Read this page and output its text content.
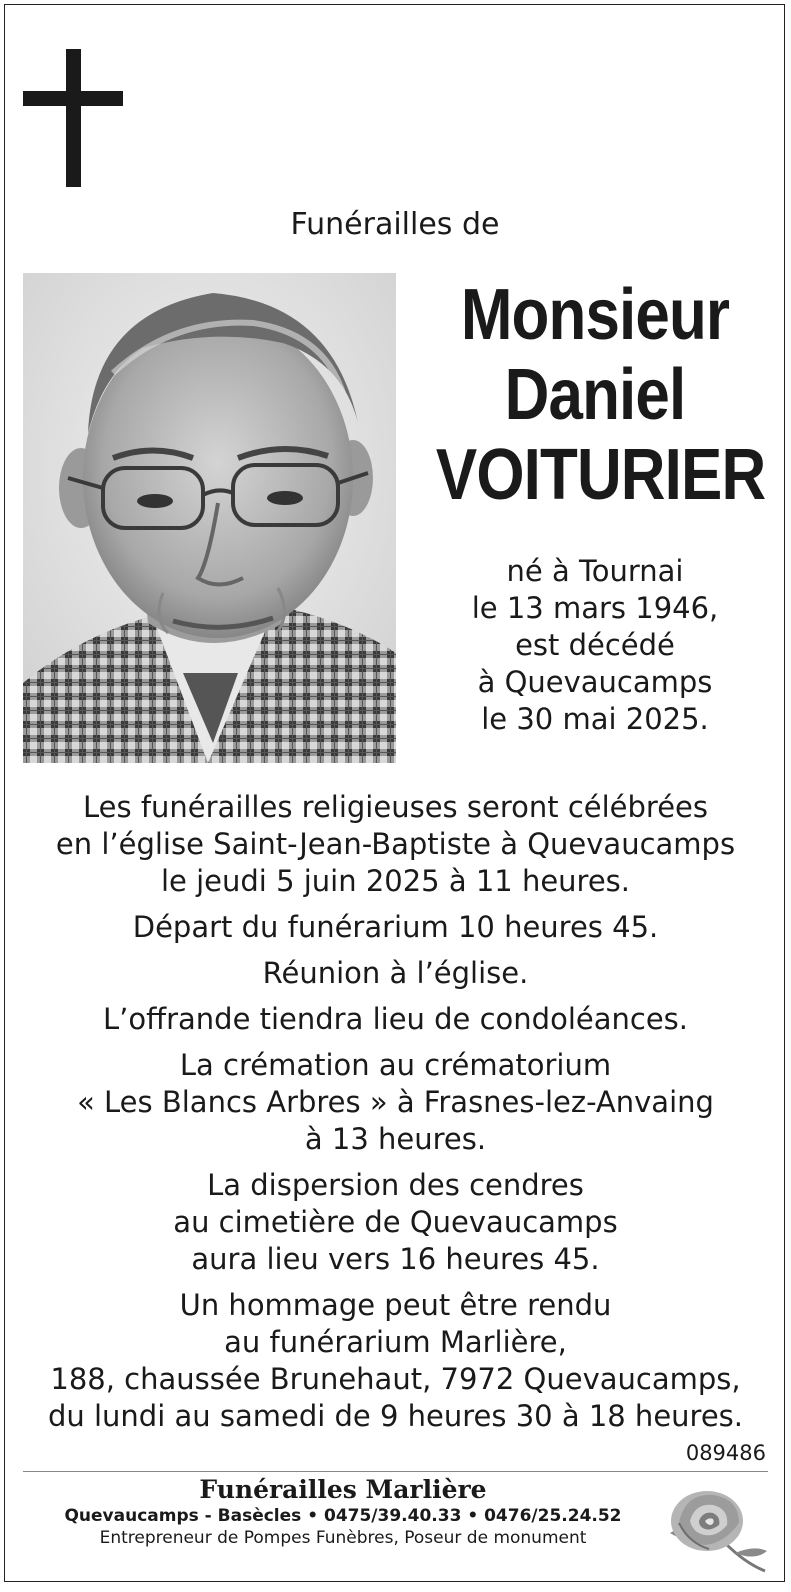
Funérailles de
Monsieur
Daniel
VOITURIER
né à Tournai
le 13 mars 1946,
est décédé
à Quevaucamps
le 30 mai 2025.
Les funérailles religieuses seront célébrées
en l’église Saint-Jean-Baptiste à Quevaucamps
le jeudi 5 juin 2025 à 11 heures.
Départ du funérarium 10 heures 45.
Réunion à l’église.
L’offrande tiendra lieu de condoléances.
La crémation au crématorium
« Les Blancs Arbres » à Frasnes-lez-Anvaing
à 13 heures.
La dispersion des cendres
au cimetière de Quevaucamps
aura lieu vers 16 heures 45.
Un hommage peut être rendu
au funérarium Marlière,
188, chaussée Brunehaut, 7972 Quevaucamps,
du lundi au samedi de 9 heures 30 à 18 heures.
089486
Funérailles Marlière
Quevaucamps - Basècles • 0475/39.40.33 • 0476/25.24.52
Entrepreneur de Pompes Funèbres, Poseur de monument
